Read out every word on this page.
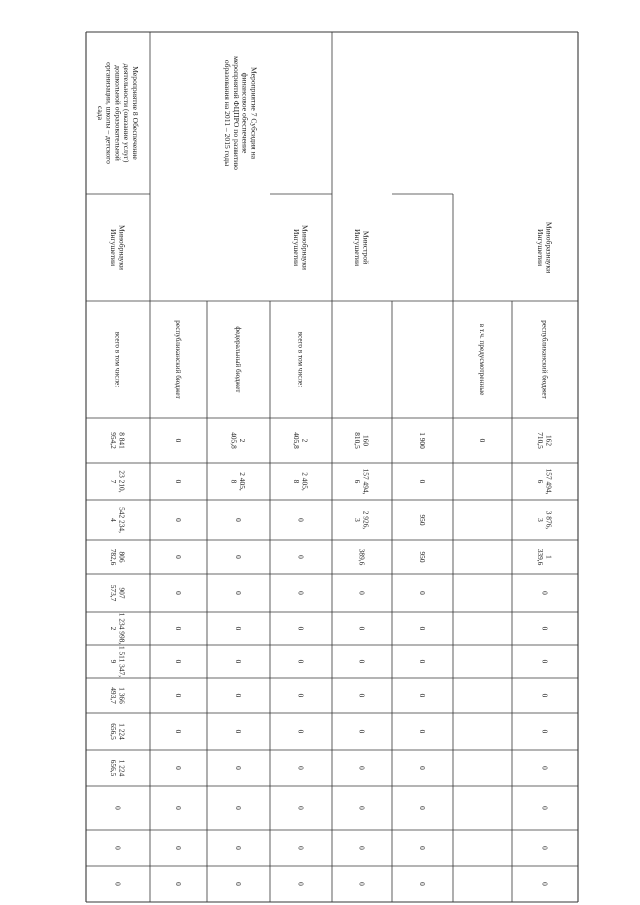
Минобразнауки
Ингушетии
республиканский бюджет
162
710,5
157 494,
6
3 876,
3
1
339,6
0
0
0
0
0
0
0
0
0
в т.ч. предусмотренные
0
1 900
0
950
950
0
0
0
0
0
0
0
0
0
Минстрой
Ингушетии
160
810,5
157 494,
6
2 926,
3
389,6
0
0
0
0
0
0
0
0
0
Мероприятие 7 Субсидия на
финансовое обеспечение
мероприятий ФЦПРО по развитию
образования на 2011 – 2015 годы
Минобрнауки
Ингушетии
всего в том числе:
2
405,8
2 405,
8
0
0
0
0
0
0
0
0
0
0
0
федеральный бюджет
2
405,8
2 405,
8
0
0
0
0
0
0
0
0
0
0
0
республиканский бюджет
0
0
0
0
0
0
0
0
0
0
0
0
0
Мероприятие 8 Обеспечение
деятельности (оказание услуг)
дошкольной образовательной
организации, школы – детского
сада
Минобрнауки
Ингушетии
всего в том числе:
8 841
954,2
23 210,
7
542 234,
4
806
782,6
907
573,7
1 234 998,
2
1 511 347,
9
1 366
493,7
1 224
656,5
1 224
656,5
0
0
0
